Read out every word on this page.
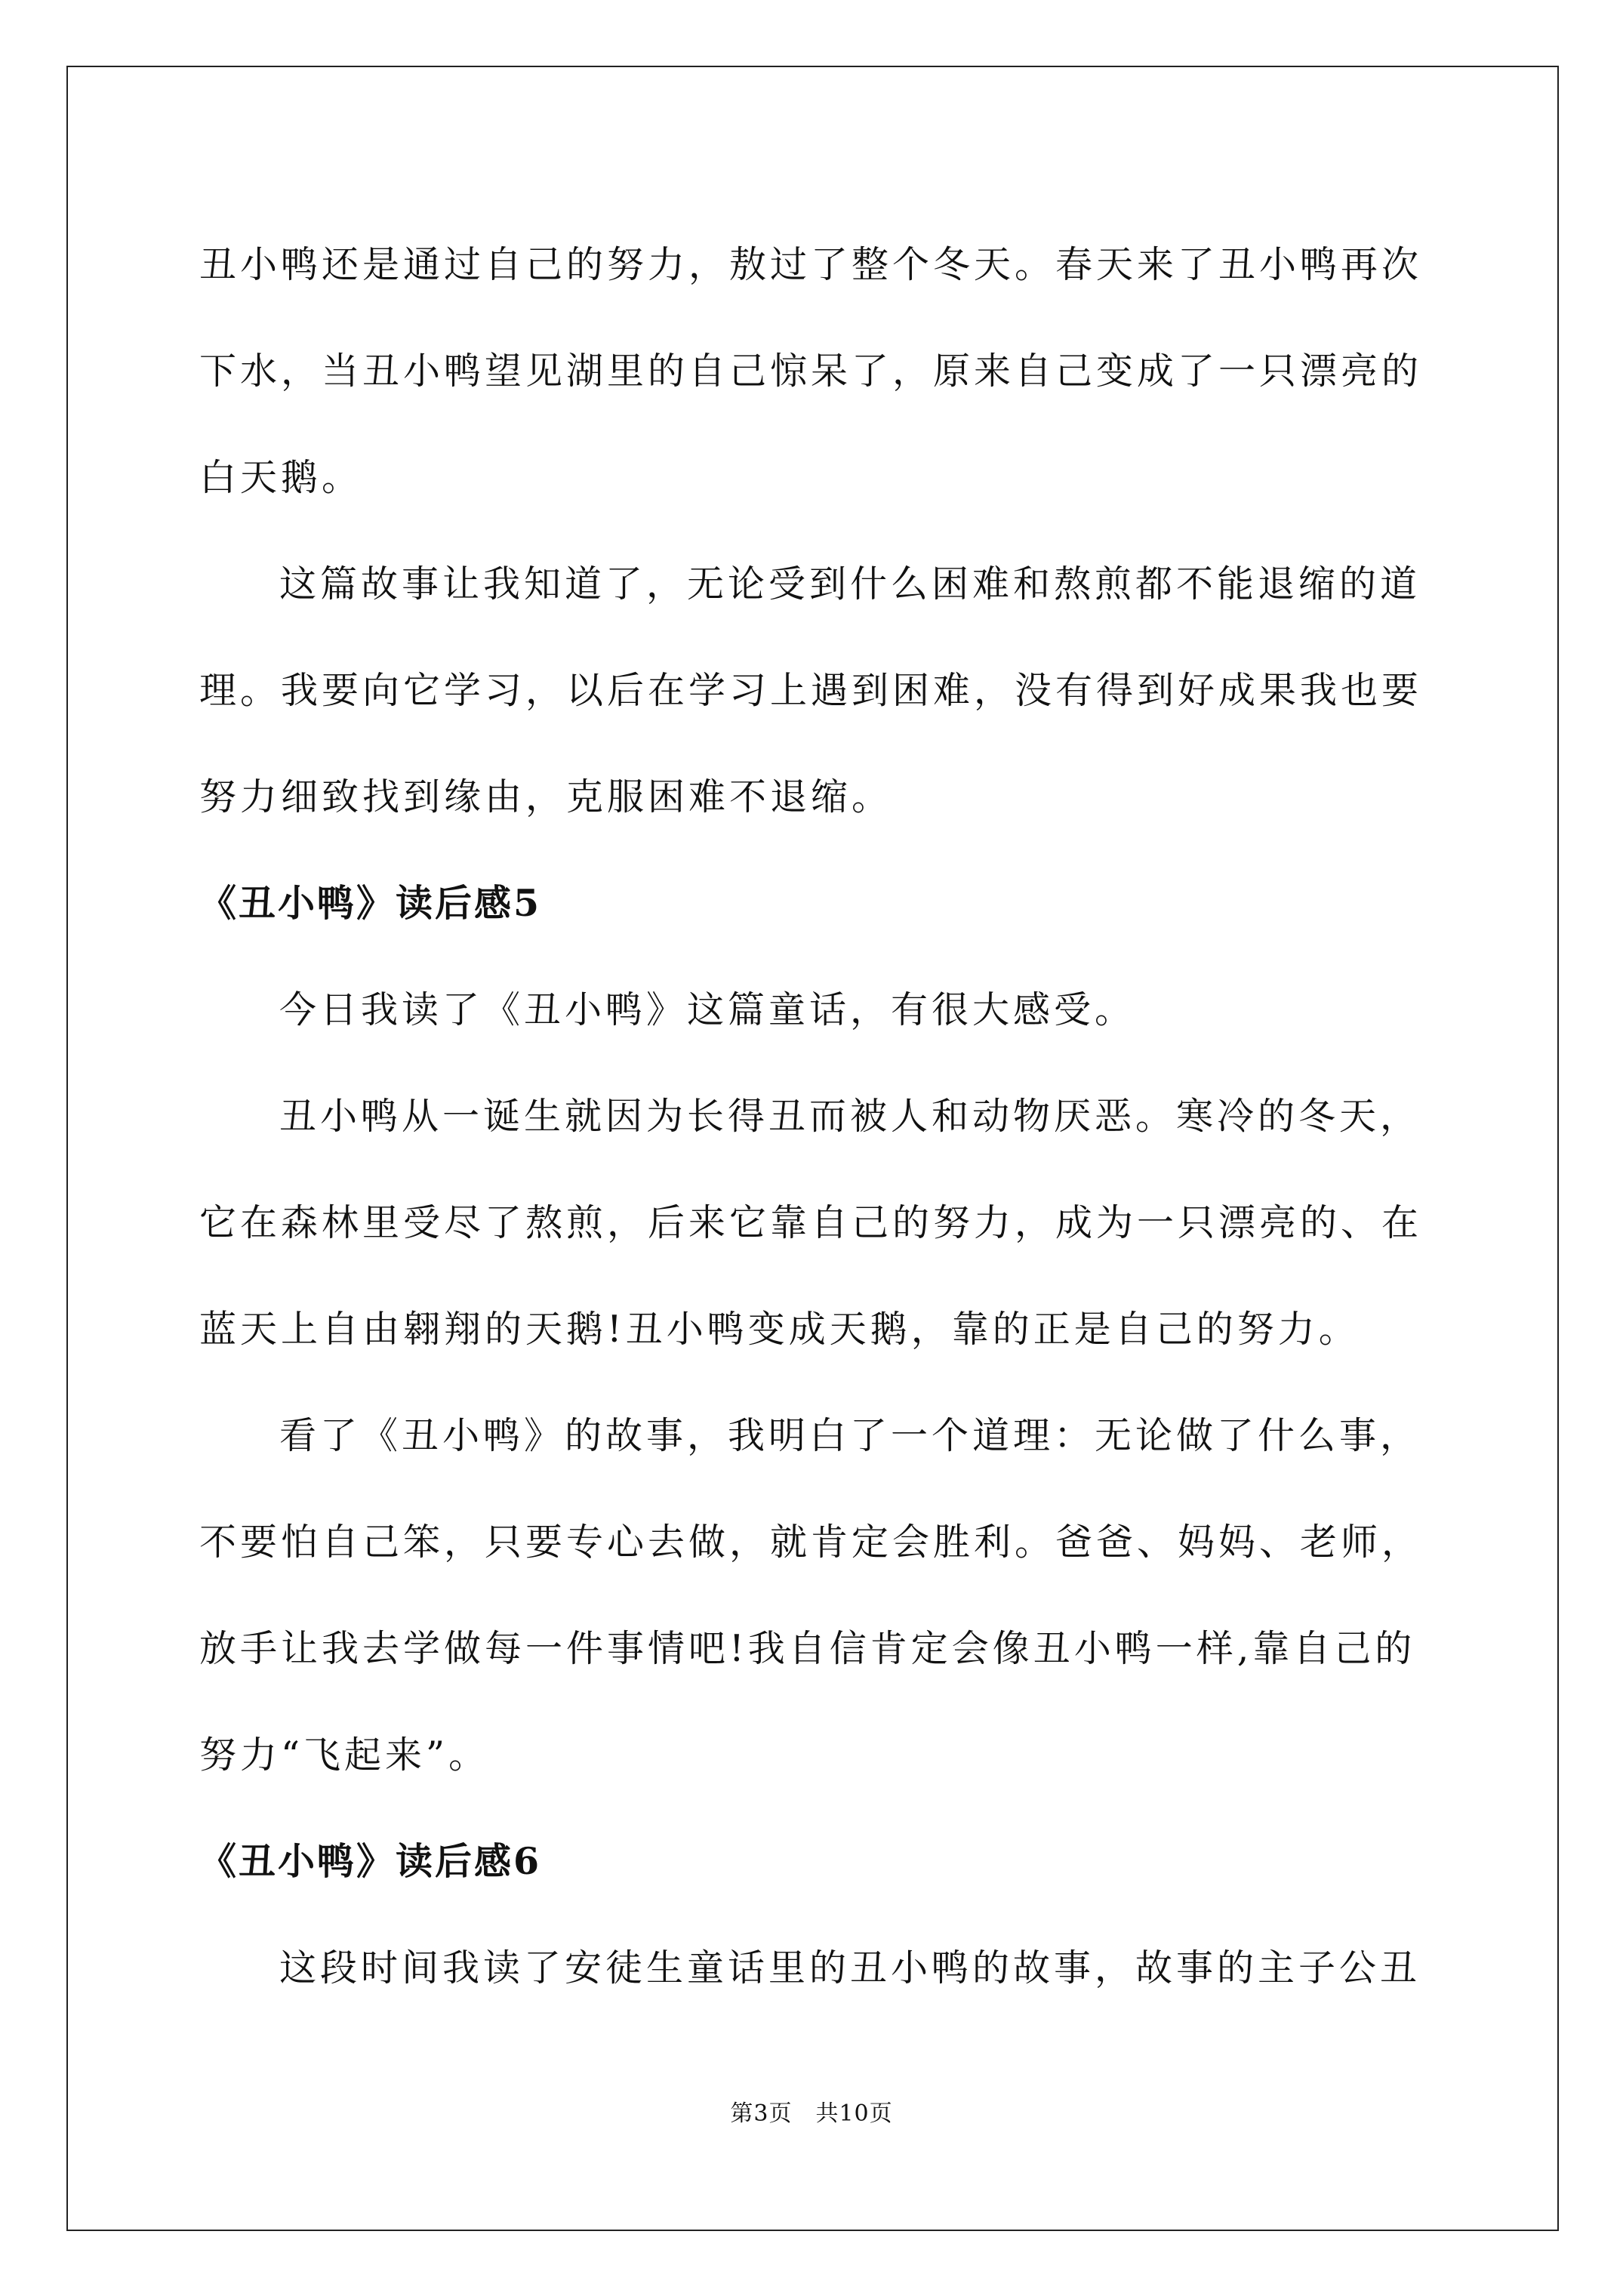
丑小鸭还是通过自己的努力，敖过了整个冬天。春天来了丑小鸭再次下水，当丑小鸭望见湖里的自己惊呆了，原来自己变成了一只漂亮的白天鹅。

这篇故事让我知道了，无论受到什么困难和熬煎都不能退缩的道理。我要向它学习，以后在学习上遇到困难，没有得到好成果我也要努力细致找到缘由，克服困难不退缩。

《丑小鸭》读后感5

今日我读了《丑小鸭》这篇童话，有很大感受。

丑小鸭从一诞生就因为长得丑而被人和动物厌恶。寒冷的冬天，它在森林里受尽了熬煎，后来它靠自己的努力，成为一只漂亮的、在蓝天上自由翱翔的天鹅!丑小鸭变成天鹅，靠的正是自己的努力。

看了《丑小鸭》的故事，我明白了一个道理：无论做了什么事，不要怕自己笨，只要专心去做，就肯定会胜利。爸爸、妈妈、老师，放手让我去学做每一件事情吧!我自信肯定会像丑小鸭一样,靠自己的努力“飞起来”。

《丑小鸭》读后感6

这段时间我读了安徒生童话里的丑小鸭的故事，故事的主子公丑

第3页　共10页
